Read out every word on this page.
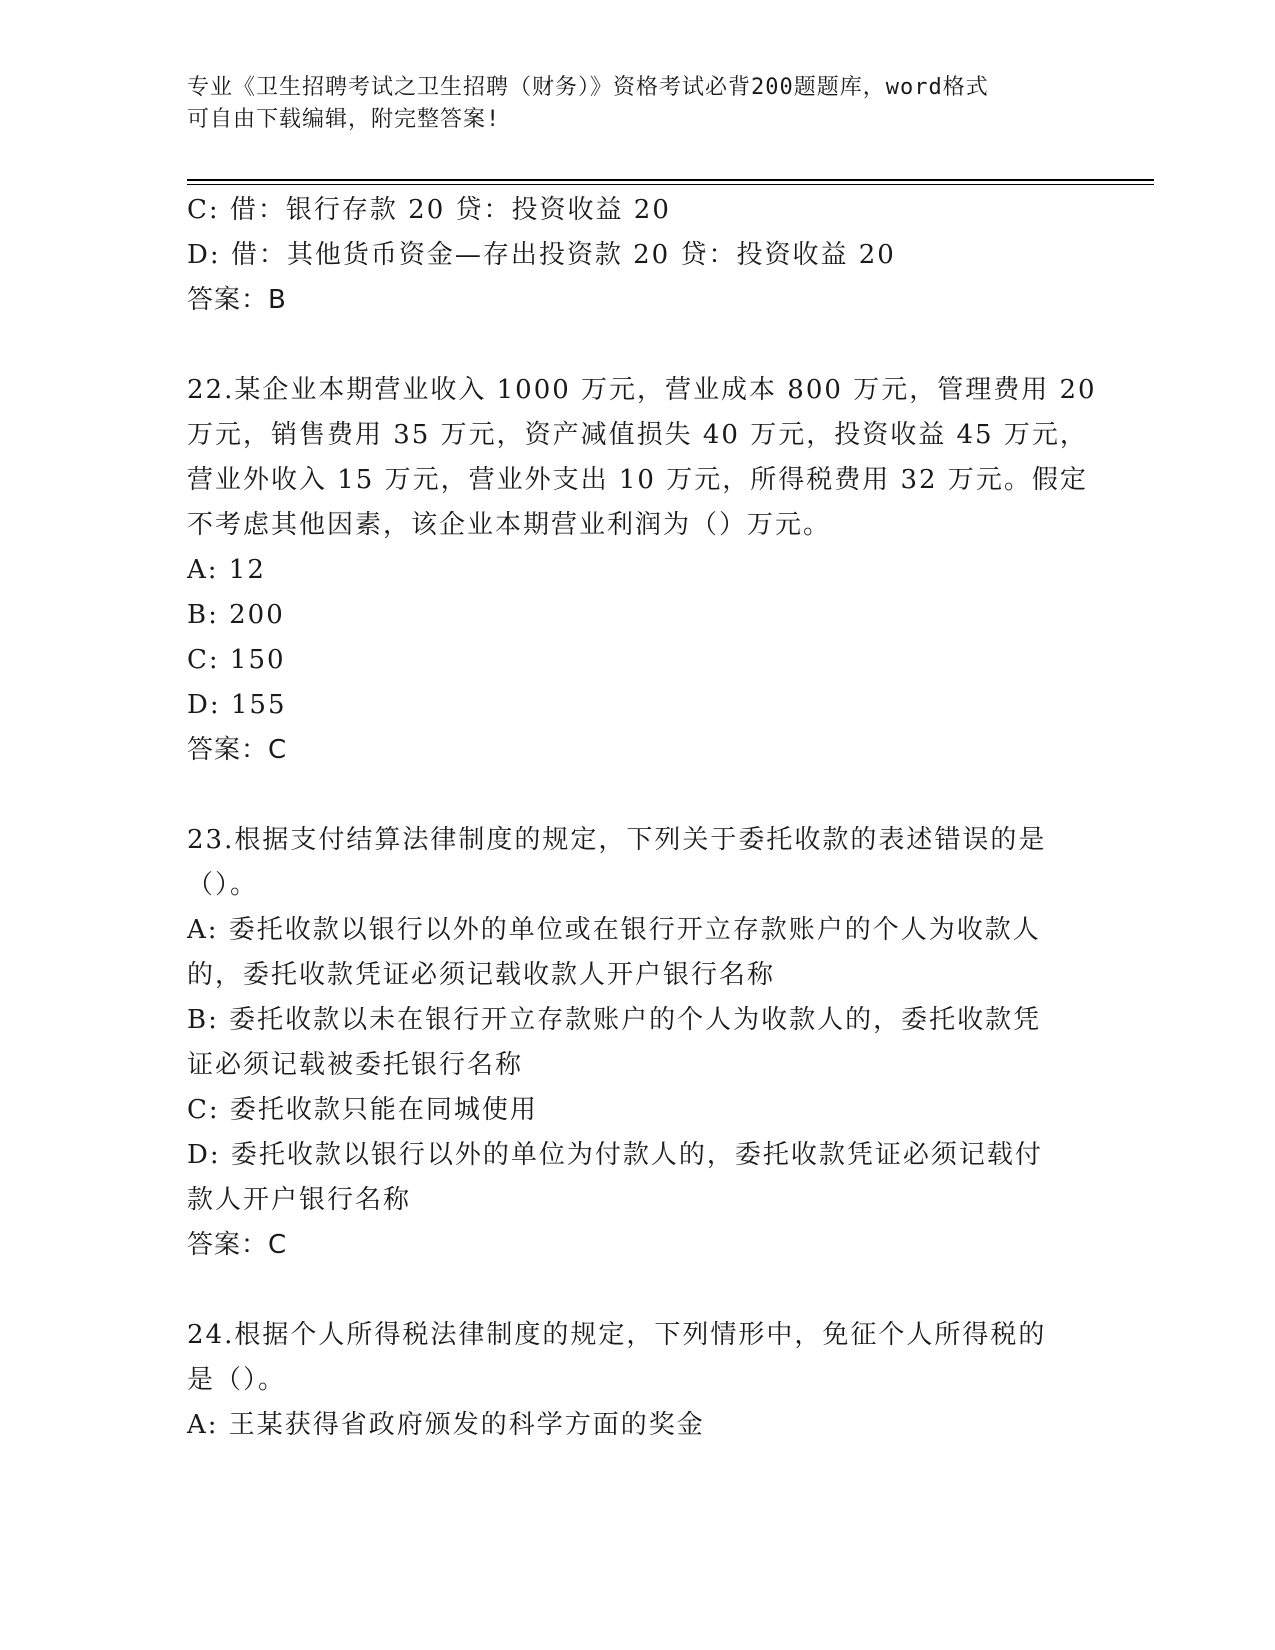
专业《卫生招聘考试之卫生招聘（财务）》资格考试必背200题题库，word格式
可自由下载编辑，附完整答案!
C: 借：银行存款 20 贷：投资收益 20
D: 借：其他货币资金—存出投资款 20 贷：投资收益 20
答案：B
22.某企业本期营业收入 1000 万元，营业成本 800 万元，管理费用 20
万元，销售费用 35 万元，资产减值损失 40 万元，投资收益 45 万元，
营业外收入 15 万元，营业外支出 10 万元，所得税费用 32 万元。假定
不考虑其他因素，该企业本期营业利润为（）万元。
A: 12
B: 200
C: 150
D: 155
答案：C
23.根据支付结算法律制度的规定，下列关于委托收款的表述错误的是
（）。
A: 委托收款以银行以外的单位或在银行开立存款账户的个人为收款人
的，委托收款凭证必须记载收款人开户银行名称
B: 委托收款以未在银行开立存款账户的个人为收款人的，委托收款凭
证必须记载被委托银行名称
C: 委托收款只能在同城使用
D: 委托收款以银行以外的单位为付款人的，委托收款凭证必须记载付
款人开户银行名称
答案：C
24.根据个人所得税法律制度的规定，下列情形中，免征个人所得税的
是（）。
A: 王某获得省政府颁发的科学方面的奖金
